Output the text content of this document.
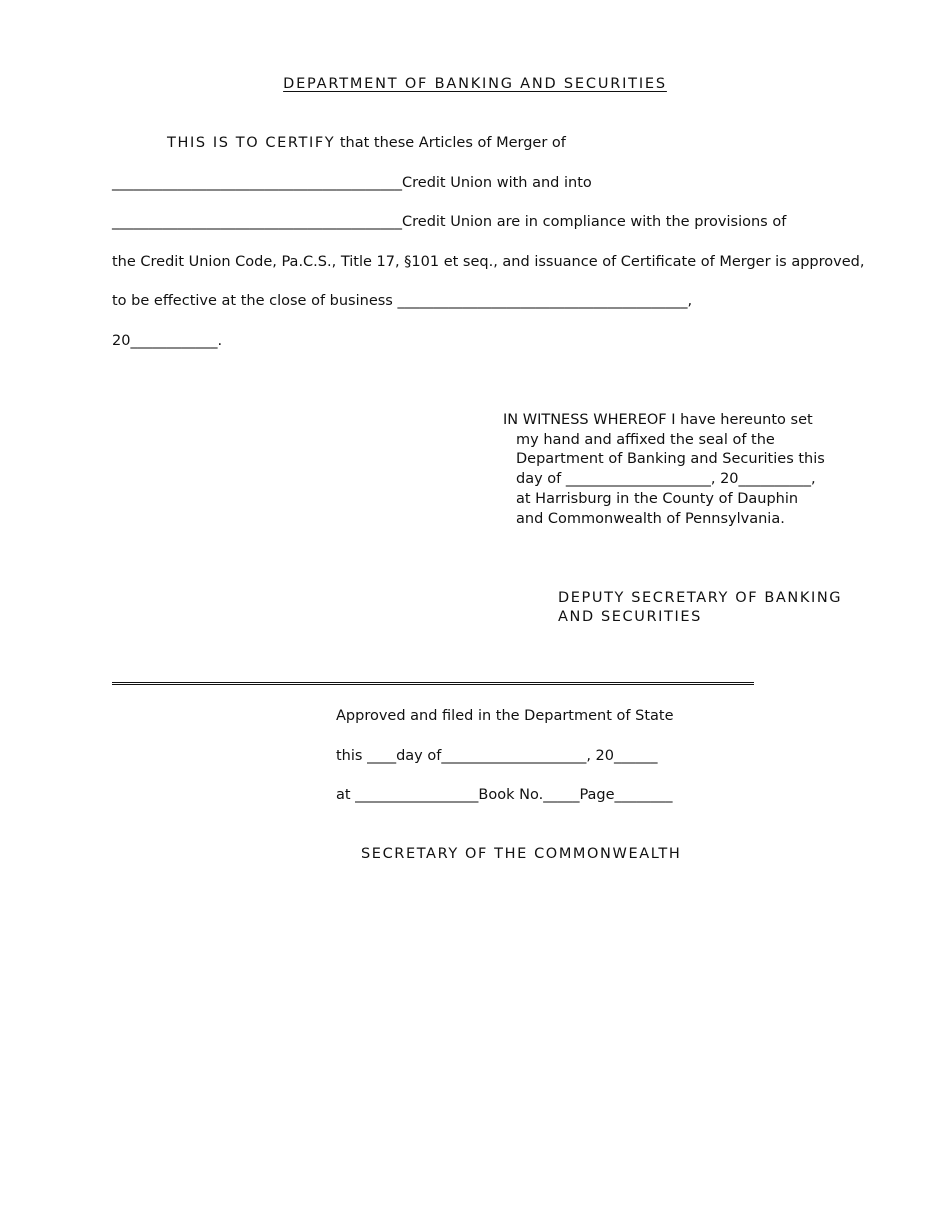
DEPARTMENT OF BANKING AND SECURITIES
THIS IS TO CERTIFY that these Articles of Merger of
________________________________________Credit Union with and into
________________________________________Credit Union are in compliance with the provisions of
the Credit Union Code, Pa.C.S., Title 17, §101 et seq., and issuance of Certificate of Merger is approved,
to be effective at the close of business ________________________________________,
20____________.
IN WITNESS WHEREOF I have hereunto set
my hand and affixed the seal of the
Department of Banking and Securities this
day of ____________________, 20__________,
at Harrisburg in the County of Dauphin
and Commonwealth of Pennsylvania.
DEPUTY SECRETARY OF BANKING
AND SECURITIES
Approved and filed in the Department of State
this ____day of____________________, 20______
at _________________Book No._____Page________
SECRETARY OF THE COMMONWEALTH
